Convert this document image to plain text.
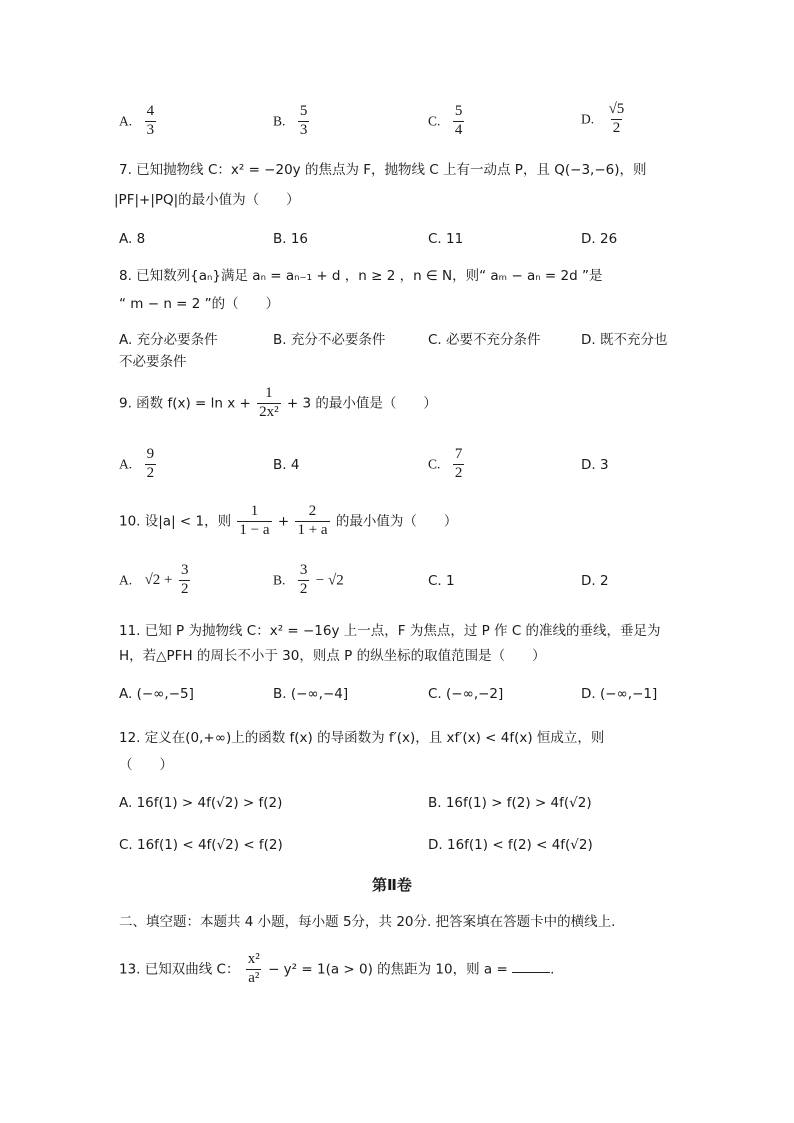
A. $\frac{4}{3}$	B. $\frac{5}{3}$	C. $\frac{5}{4}$	D. $\frac{√5}{2}$
7. 已知抛物线 C：x² = −20y 的焦点为 F，抛物线 C 上有一动点 P，且 Q(−3,−6)，则
|PF|+|PQ|的最小值为（　　）
A. 8	B. 16	C. 11	D. 26
8. 已知数列{aₙ}满足 aₙ = aₙ₋₁ + d ，n ≥ 2 ，n ∈ N，则“ aₘ − aₙ = 2d ”是
“ m − n = 2 ”的（　　）
A. 充分必要条件	B. 充分不必要条件	C. 必要不充分条件	D. 既不充分也
不必要条件
9. 函数 $f(x) = \ln x + \frac{1}{\text{2x²}} + 3$ 的最小值是（　　）
A. $\frac{9}{2}$	B. 4	C. $\frac{7}{2}$	D. 3
10. 设|a| < 1，则 $\frac{1}{1 - a} + \frac{2}{1 + a}$ 的最小值为（　　）
A. $√2 + \frac{3}{2}$	B. $\frac{3}{2} - √2$	C. 1	D. 2
11. 已知 P 为抛物线 C：x² = −16y 上一点，F 为焦点，过 P 作 C 的准线的垂线，垂足为
H，若△PFH 的周长不小于 30，则点 P 的纵坐标的取值范围是（　　）
A. (−∞,−5]	B. (−∞,−4]	C. (−∞,−2]	D. (−∞,−1]
12. 定义在(0,+∞)上的函数 f(x) 的导函数为 f′(x)，且 xf′(x) < 4f(x) 恒成立，则
（　　）
A. 16f(1) > 4f(√2) > f(2)	B. 16f(1) > f(2) > 4f(√2)
C. 16f(1) < 4f(√2) < f(2)	D. 16f(1) < f(2) < 4f(√2)
第Ⅱ卷
二、填空题：本题共 4 小题，每小题 5分，共 20分. 把答案填在答题卡中的横线上.
13. 已知双曲线 C： $\frac{\text{x²}}{\text{a²}} - y^2 = 1(a > 0)$ 的焦距为 10，则 a =	.
